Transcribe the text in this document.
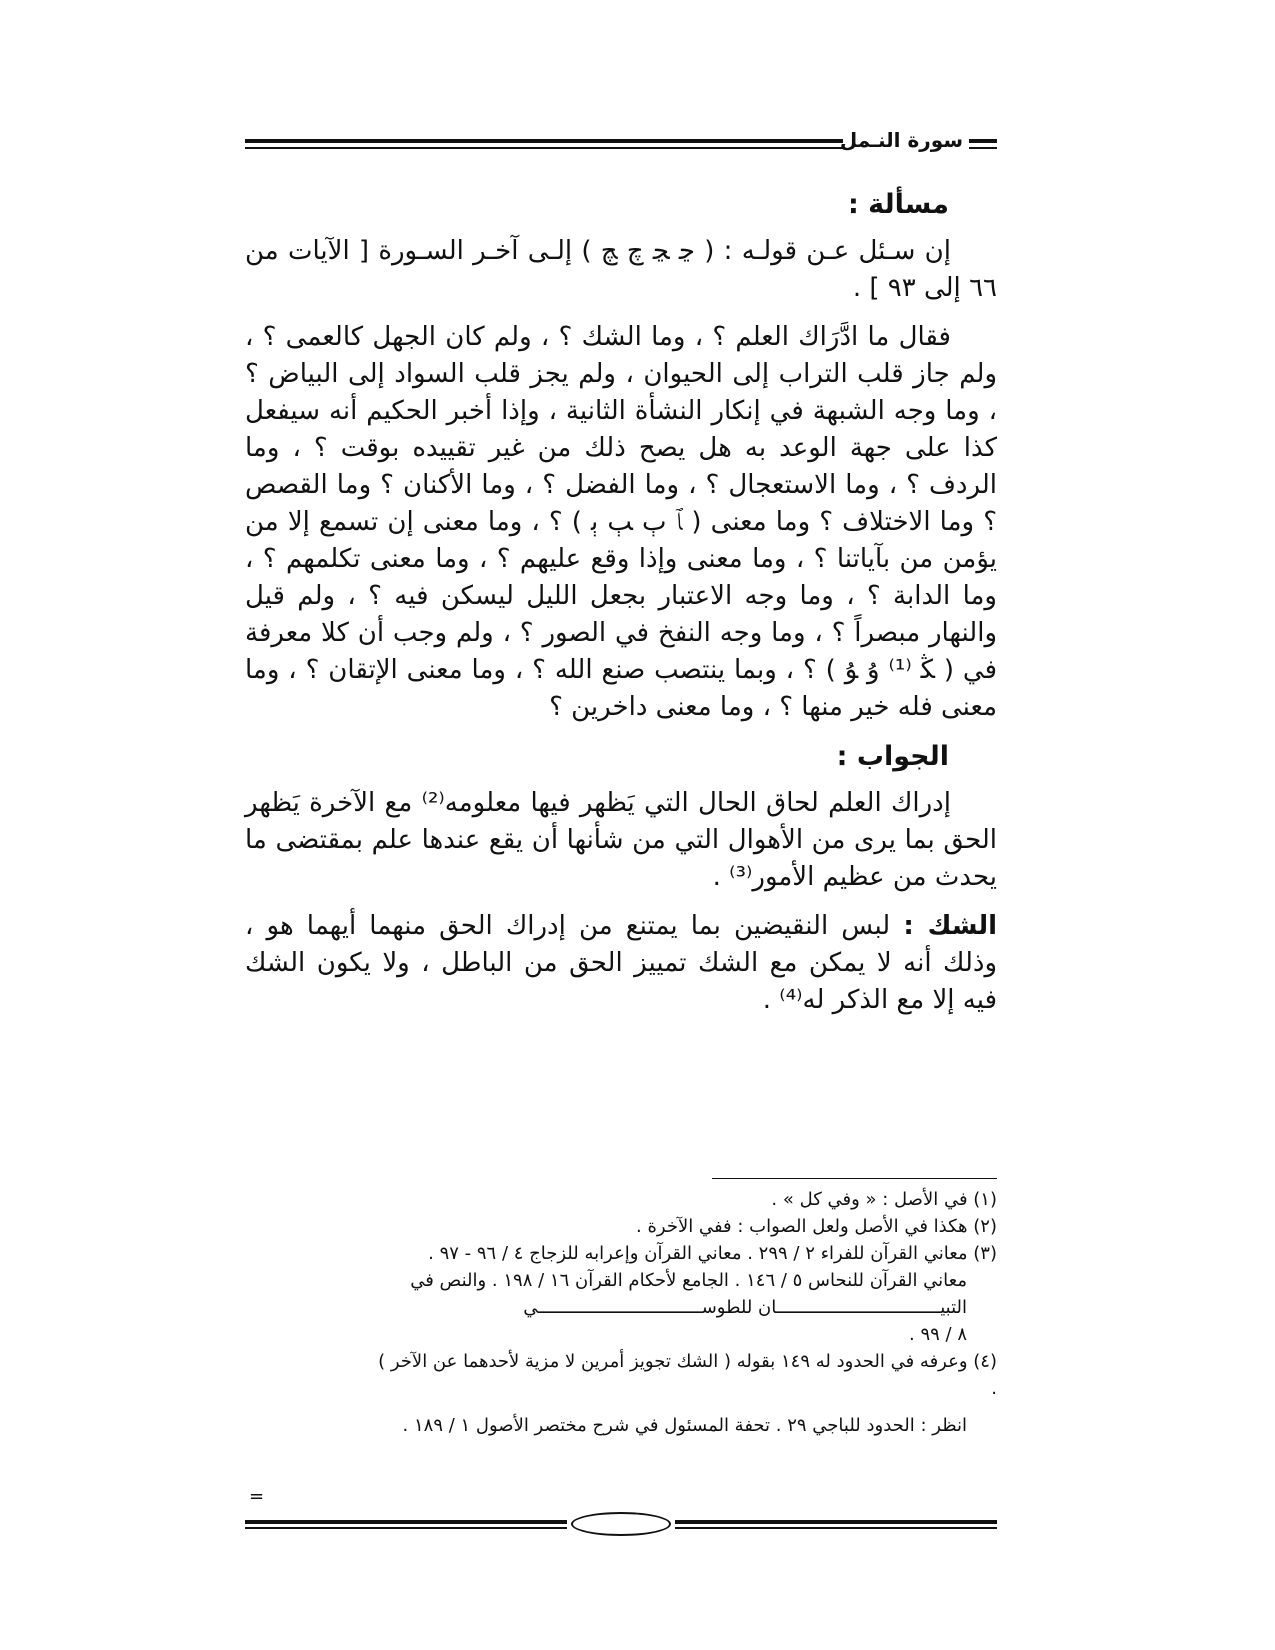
سورة النـمل
مسألة :

إن سـئل عـن قولـه : ( ﭸ ﭹ ﭺ ﭻ ) إلـى آخـر السـورة [ الآيات من ٦٦ إلى ٩٣ ] .

فقال ما ادَّرَاك العلم ؟ ، وما الشك ؟ ، ولم كان الجهل كالعمى ؟ ، ولم جاز قلب التراب إلى الحيوان ، ولم يجز قلب السواد إلى البياض ؟ ، وما وجه الشبهة في إنكار النشأة الثانية ، وإذا أخبر الحكيم أنه سيفعل كذا على جهة الوعد به هل يصح ذلك من غير تقييده بوقت ؟ ، وما الردف ؟ ، وما الاستعجال ؟ ، وما الفضل ؟ ، وما الأكنان ؟ وما القصص ؟ وما الاختلاف ؟ وما معنى ( ﭑ ﭒ ﭓ ﭔ ) ؟ ، وما معنى إن تسمع إلا من يؤمن من بآياتنا ؟ ، وما معنى وإذا وقع عليهم ؟ ، وما معنى تكلمهم ؟ ، وما الدابة ؟ ، وما وجه الاعتبار بجعل الليل ليسكن فيه ؟ ، ولم قيل والنهار مبصراً ؟ ، وما وجه النفخ في الصور ؟ ، ولم وجب أن كلا معرفة في ( ﯖ ⁽¹⁾ ﯗ ﯘ ) ؟ ، وبما ينتصب صنع الله ؟ ، وما معنى الإتقان ؟ ، وما معنى فله خير منها ؟ ، وما معنى داخرين ؟

الجواب :

إدراك العلم لحاق الحال التي يَظهر فيها معلومه⁽²⁾ مع الآخرة يَظهر الحق بما يرى من الأهوال التي من شأنها أن يقع عندها علم بمقتضى ما يحدث من عظيم الأمور⁽³⁾ .

الشك : لبس النقيضين بما يمتنع من إدراك الحق منهما أيهما هو ، وذلك أنه لا يمكن مع الشك تمييز الحق من الباطل ، ولا يكون الشك فيه إلا مع الذكر له⁽⁴⁾ .

(١) في الأصل : « وفي كل » .

(٢) هكذا في الأصل ولعل الصواب : ففي الآخرة .

(٣) معاني القرآن للفراء ٢ / ٢٩٩ . معاني القرآن وإعرابه للزجاج ٤ / ٩٦ - ٩٧ .

معاني القرآن للنحاس ٥ / ١٤٦ . الجامع لأحكام القرآن ١٦ / ١٩٨ . والنص في

التبيـــــــــــــــــــــــــــــــان للطوســـــــــــــــــــــــــــــــي

٨ / ٩٩ .

(٤) وعرفه في الحدود له ١٤٩ بقوله ( الشك تجويز أمرين لا مزية لأحدهما عن الآخر )

.

انظر : الحدود للباجي ٢٩ . تحفة المسئول في شرح مختصر الأصول ١ / ١٨٩ .

=
